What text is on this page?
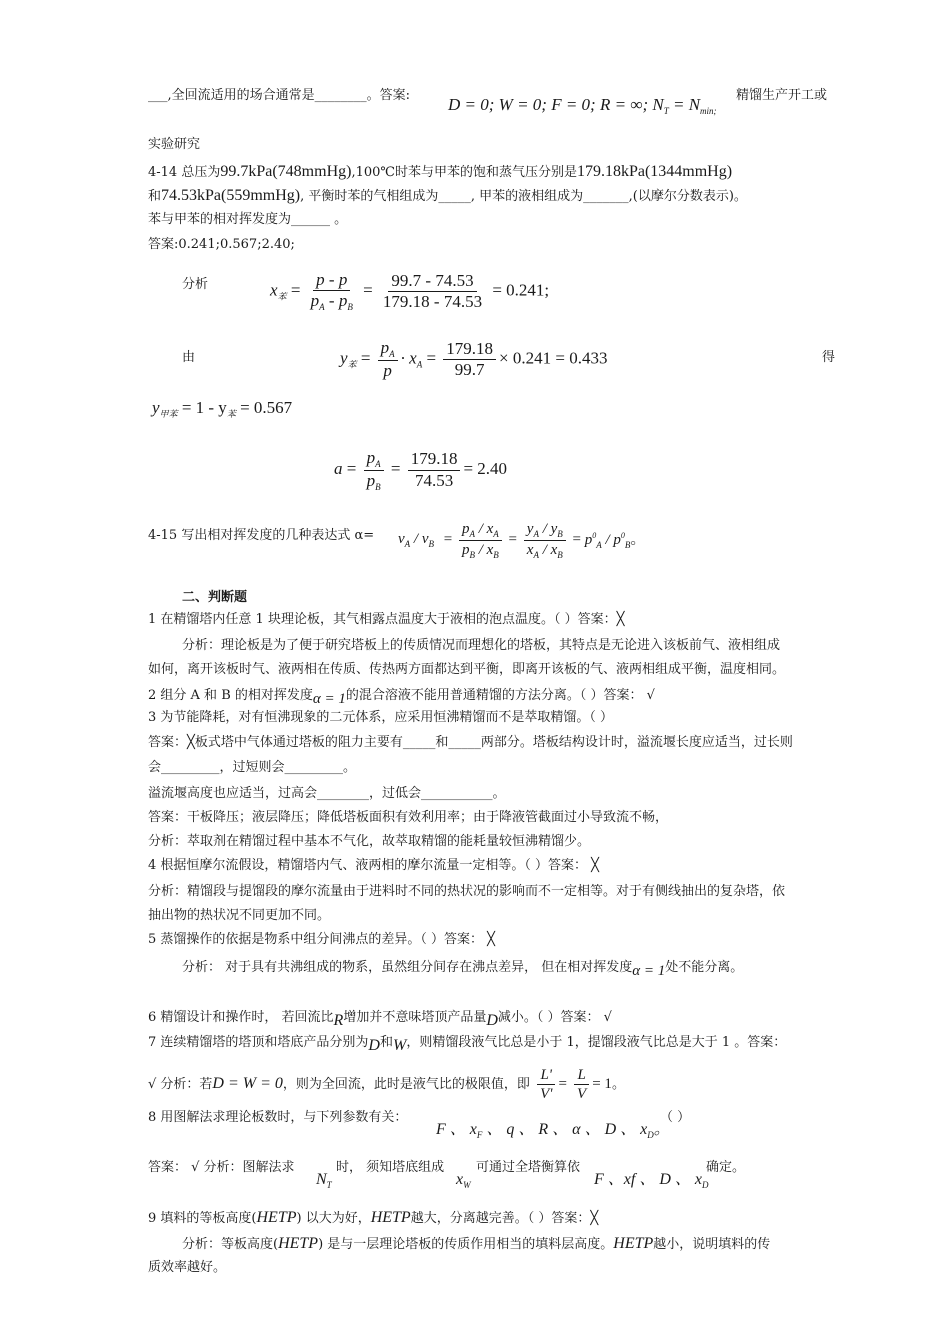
___,全回流适用的场合通常是________。答案: D = 0; W = 0; F = 0; R = ∞; $N_T = N_{min;}$
精馏生产开工或
实验研究
4-14 总压为99.7kPa(748mmHg),100℃时苯与甲苯的饱和蒸气压分别是179.18kPa(1344mmHg)
和74.53kPa(559mmHg), 平衡时苯的气相组成为_____, 甲苯的液相组成为_______,(以摩尔分数表示)。
苯与甲苯的相对挥发度为______ 。
答案:0.241;0.567;2.40;
分析	$x_苯 = \frac{p - p}{p_A - p_B} = \frac{99.7 - 74.53}{179.18 - 74.53} = 0.241$;
由	$y_苯 = \frac{p_A}{p} \cdot x_A = \frac{179.18}{99.7} \times 0.241 = 0.433$	得
$y_{甲苯} = 1 - y_苯 = 0.567$
$a = \frac{p_A}{p_B} = \frac{179.18}{74.53} = 2.40$
4-15 写出相对挥发度的几种表达式 $\alpha= v_A / v_B = \frac{p_A / x_A}{p_B / x_B} = \frac{y_A / y_B}{x_A / x_B} = p^0_A / p^0_B$。
二、判断题
1 在精馏塔内任意 1 块理论板，其气相露点温度大于液相的泡点温度。（ ）答案：╳
分析：理论板是为了便于研究塔板上的传质情况而理想化的塔板，其特点是无论进入该板前气、液相组成
如何，离开该板时气、液两相在传质、传热两方面都达到平衡，即离开该板的气、液两相组成平衡，温度相同。
2 组分 A 和 B 的相对挥发度α = 1的混合溶液不能用普通精馏的方法分离。（ ）答案： √
3 为节能降耗，对有恒沸现象的二元体系，应采用恒沸精馏而不是萃取精馏。（ ）
答案：╳板式塔中气体通过塔板的阻力主要有_____和_____两部分。塔板结构设计时，溢流堰长度应适当，过长则
会_________，过短则会_________。
溢流堰高度也应适当，过高会________，过低会___________。
答案：干板降压；液层降压；降低塔板面积有效利用率；由于降液管截面过小导致流不畅，
分析：萃取剂在精馏过程中基本不气化，故萃取精馏的能耗量较恒沸精馏少。
4 根据恒摩尔流假设，精馏塔内气、液两相的摩尔流量一定相等。（ ）答案： ╳
分析：精馏段与提馏段的摩尔流量由于进料时不同的热状况的影响而不一定相等。对于有侧线抽出的复杂塔，依
抽出物的热状况不同更加不同。
5 蒸馏操作的依据是物系中组分间沸点的差异。（ ）答案： ╳
分析： 对于具有共沸组成的物系，虽然组分间存在沸点差异， 但在相对挥发度α = 1处不能分离。
6 精馏设计和操作时， 若回流比R增加并不意味塔顶产品量D减小。（ ）答案： √
7 连续精馏塔的塔顶和塔底产品分别为D和W，则精馏段液气比总是小于 1，提馏段液气比总是大于 1 。答案：
√ 分析：若D = W = 0，则为全回流，此时是液气比的极限值，即 $\frac{L'}{V'} = \frac{L}{V} = 1$。
8 用图解法求理论板数时，与下列参数有关：
F 、 $x_F$ 、 q 、 R 、 α 、 D 、 $x_D$。
（ ）
答案： √ 分析：图解法求
$N_T$
时， 须知塔底组成
$x_W$
可通过全塔衡算依
F 、xf 、 D 、 $x_D$
确定。
9 填料的等板高度(HETP) 以大为好，HETP越大，分离越完善。（ ）答案：╳
分析：等板高度(HETP) 是与一层理论塔板的传质作用相当的填料层高度。HETP越小，说明填料的传
质效率越好。
